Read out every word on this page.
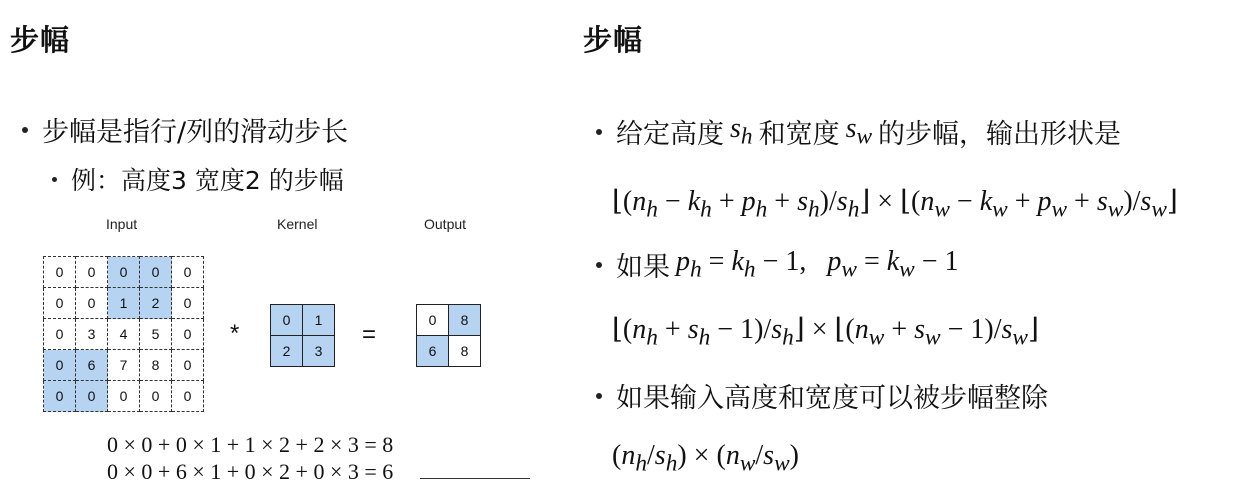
步幅
步幅是指行/列的滑动步长
例：高度3 宽度2 的步幅
Input	Kernel	Output
0	0	0	0	0
0	0	1	2	0
0	3	4	5	0
0	6	7	8	0
0	0	0	0	0
*	0	1
2	3
=
0	8
6	8
0 × 0 + 0 × 1 + 1 × 2 + 2 × 3 = 8
0 × 0 + 6 × 1 + 0 × 2 + 0 × 3 = 6
步幅
给定高度 $s_h$ 和宽度 $s_w$ 的步幅，输出形状是
$⌊(n_h - k_h + p_h$ + $s_h)/s_h⌋$ × $⌊(n_w - k_w + p_w$ + $s_w)/s_w⌋$
如果 $p_h = k_h - 1$,   $p_w = k_w - 1$
$⌊(n_h + s_h$ − $1)/s_h⌋$ × $⌊(n_w + s_w$ − $1)/s_w⌋$
如果输入高度和宽度可以被步幅整除
$(n_h/s_h) \times (n_w/s_w)$
